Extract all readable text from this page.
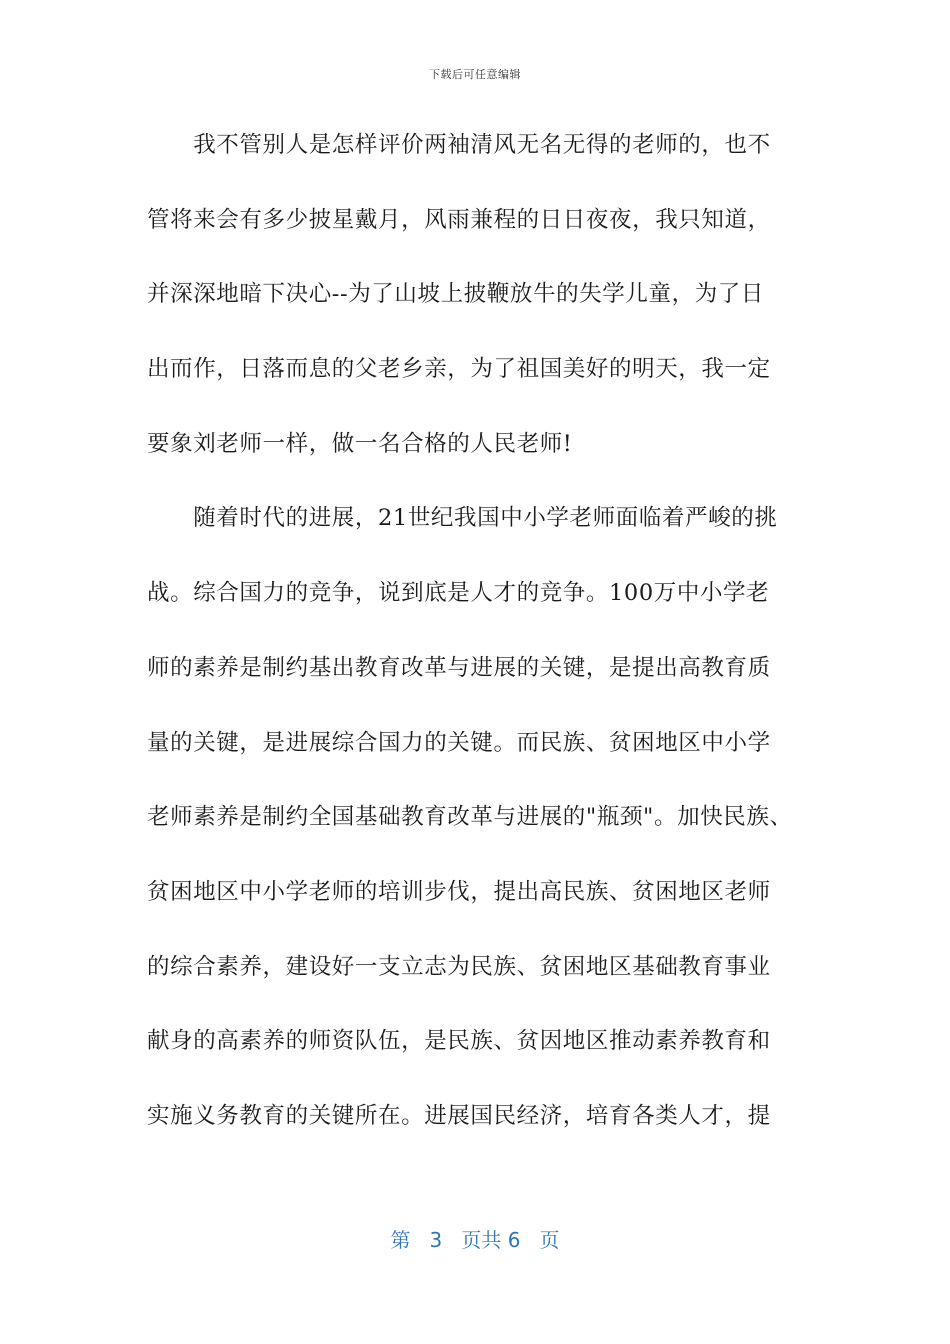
下载后可任意编辑
　　我不管别人是怎样评价两袖清风无名无得的老师的，也不
管将来会有多少披星戴月，风雨兼程的日日夜夜，我只知道，
并深深地暗下决心--为了山坡上披鞭放牛的失学儿童，为了日
出而作，日落而息的父老乡亲，为了祖国美好的明天，我一定
要象刘老师一样，做一名合格的人民老师!
　　随着时代的进展，21世纪我国中小学老师面临着严峻的挑
战。综合国力的竞争，说到底是人才的竞争。100万中小学老
师的素养是制约基出教育改革与进展的关键，是提出高教育质
量的关键，是进展综合国力的关键。而民族、贫困地区中小学
老师素养是制约全国基础教育改革与进展的"瓶颈"。加快民族、
贫困地区中小学老师的培训步伐，提出高民族、贫困地区老师
的综合素养，建设好一支立志为民族、贫困地区基础教育事业
献身的高素养的师资队伍，是民族、贫因地区推动素养教育和
实施义务教育的关键所在。进展国民经济，培育各类人才，提
第 3 页共 6 页
